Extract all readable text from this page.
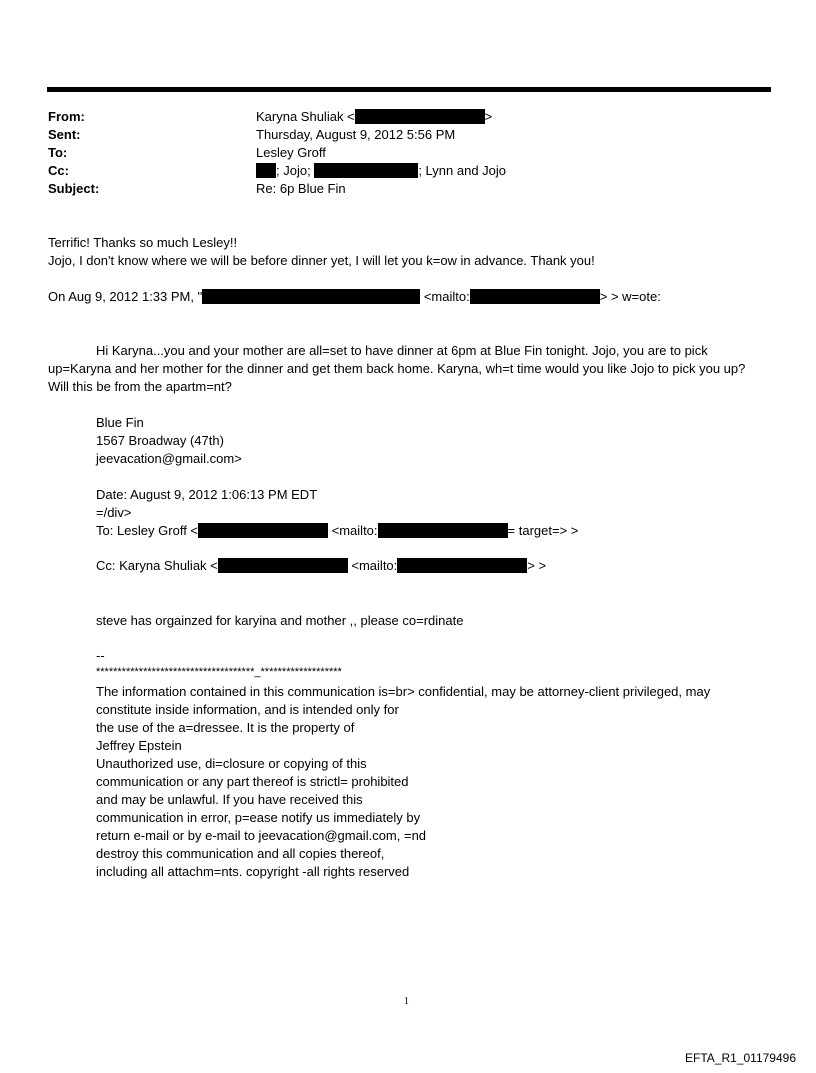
From:	Karyna Shuliak <	>
Sent:	Thursday, August 9, 2012 5:56 PM
To:	Lesley Groff
Cc:	; Jojo;	; Lynn and Jojo
Subject:	Re: 6p Blue Fin
Terrific! Thanks so much Lesley!!
Jojo, I don't know where we will be before dinner yet, I will let you k=ow in advance. Thank you!
On Aug 9, 2012 1:33 PM, "	<mailto:	> > w=ote:
Hi Karyna...you and your mother are all=set to have dinner at 6pm at Blue Fin tonight. Jojo, you are to pick up=Karyna and her mother for the dinner and get them back home. Karyna, wh=t time would you like Jojo to pick you up? Will this be from the apartm=nt?
Blue Fin
1567 Broadway (47th)
jeevacation@gmail.com>
Date: August 9, 2012 1:06:13 PM EDT
=/div>
To: Lesley Groff <	<mailto:	= target=> >
Cc: Karyna Shuliak <	<mailto:	> >
steve has orgainzed for karyina and mother ,, please co=rdinate
--
*************************************_*******************
The information contained in this communication is=br> confidential, may be attorney-client privileged, may
constitute inside information, and is intended only for
the use of the a=dressee. It is the property of
Jeffrey Epstein
Unauthorized use, di=closure or copying of this
communication or any part thereof is strictl= prohibited
and may be unlawful. If you have received this
communication in error, p=ease notify us immediately by
return e-mail or by e-mail to jeevacation@gmail.com, =nd
destroy this communication and all copies thereof,
including all attachm=nts. copyright -all rights reserved
1
EFTA_R1_01179496
